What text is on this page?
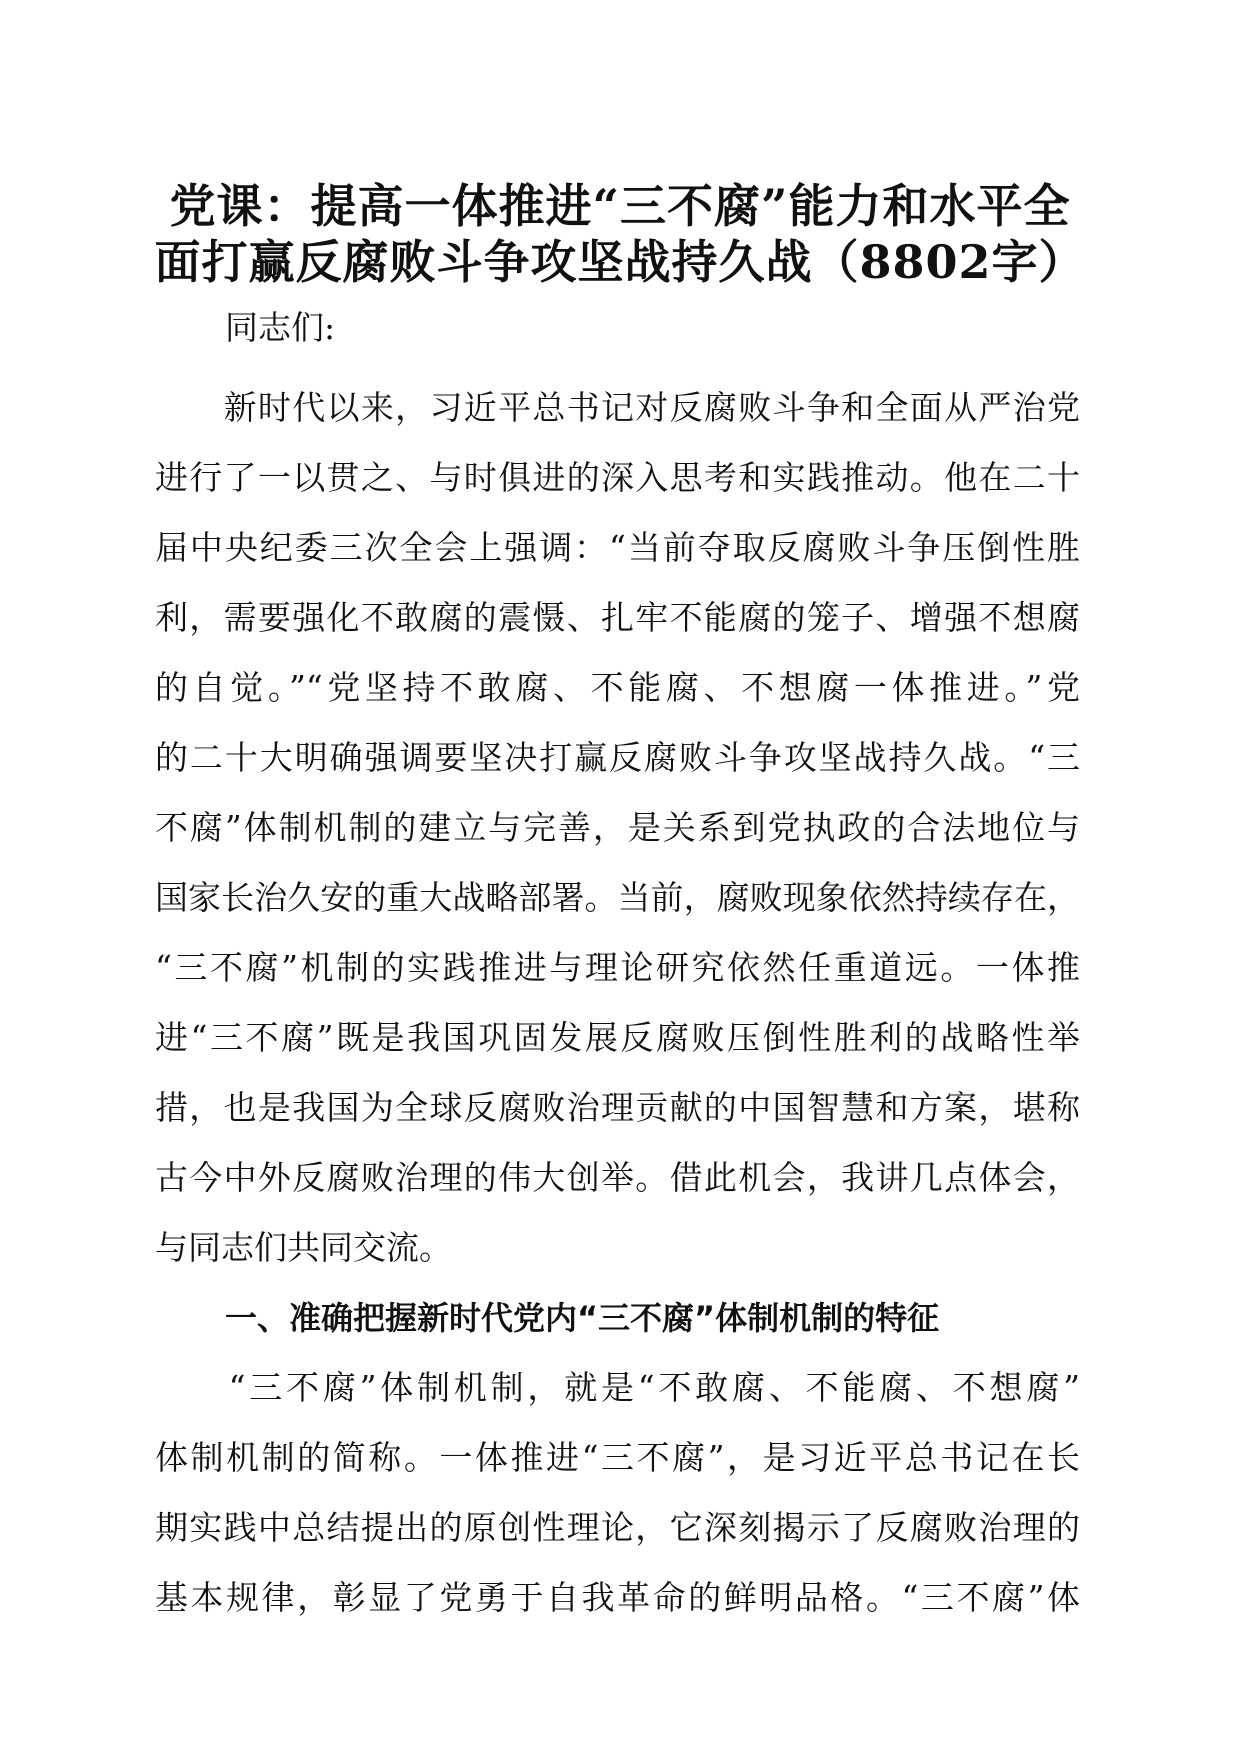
党课：提高一体推进“三不腐”能力和水平全
面打赢反腐败斗争攻坚战持久战（8802字）

同志们:

　　新时代以来，习近平总书记对反腐败斗争和全面从严治党

进行了一以贯之、与时俱进的深入思考和实践推动。他在二十

届中央纪委三次全会上强调：“当前夺取反腐败斗争压倒性胜

利，需要强化不敢腐的震慑、扎牢不能腐的笼子、增强不想腐

的自觉。”“党坚持不敢腐、不能腐、不想腐一体推进。”党

的二十大明确强调要坚决打赢反腐败斗争攻坚战持久战。“三

不腐”体制机制的建立与完善，是关系到党执政的合法地位与

国家长治久安的重大战略部署。当前，腐败现象依然持续存在，

“三不腐”机制的实践推进与理论研究依然任重道远。一体推

进“三不腐”既是我国巩固发展反腐败压倒性胜利的战略性举

措，也是我国为全球反腐败治理贡献的中国智慧和方案，堪称

古今中外反腐败治理的伟大创举。借此机会，我讲几点体会，

与同志们共同交流。

一、准确把握新时代党内“三不腐”体制机制的特征

　　“三不腐”体制机制，就是“不敢腐、不能腐、不想腐”

体制机制的简称。一体推进“三不腐”，是习近平总书记在长

期实践中总结提出的原创性理论，它深刻揭示了反腐败治理的

基本规律，彰显了党勇于自我革命的鲜明品格。“三不腐”体
